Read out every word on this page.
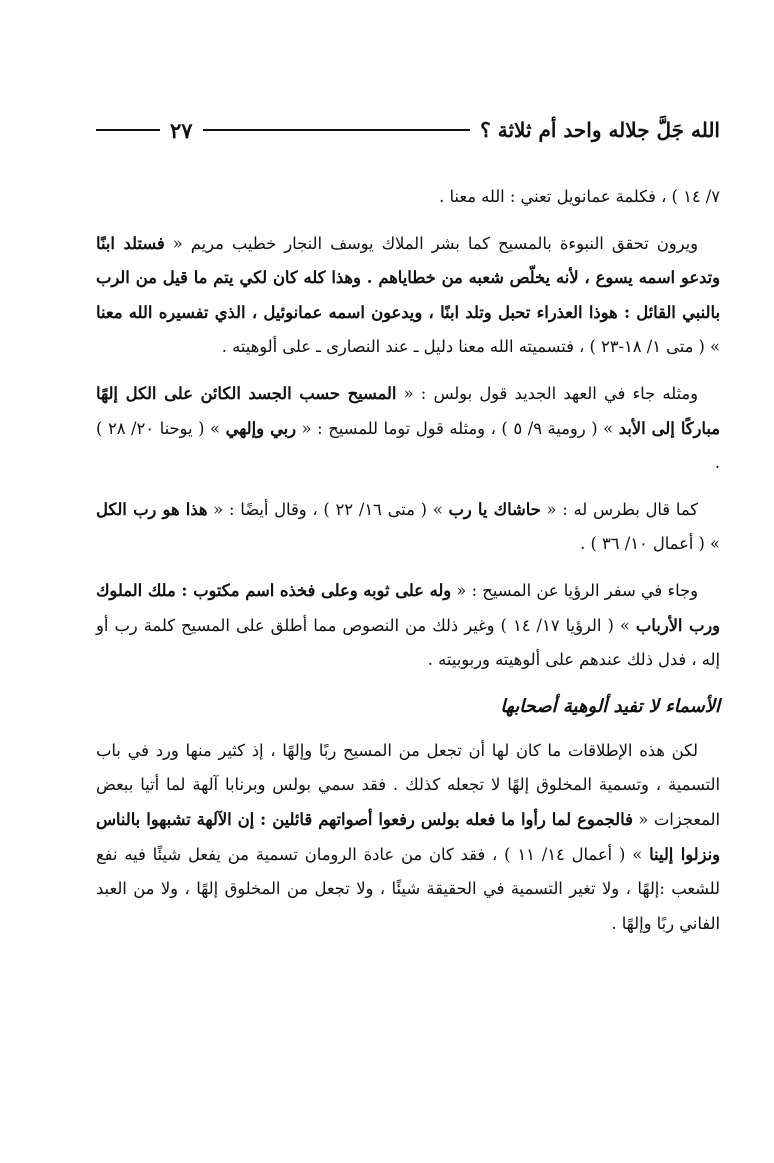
الله جَلَّ جلاله واحد أم ثلاثة ؟
٢٧

٧/ ١٤ ) ، فكلمة عمانويل تعني : الله معنا .

ويرون تحقق النبوءة بالمسيح كما بشر الملاك يوسف النجار خطيب مريم « فستلد ابنًا وتدعو اسمه يسوع ، لأنه يخلّص شعبه من خطاياهم . وهذا كله كان لكي يتم ما قيل من الرب بالنبي القائل : هوذا العذراء تحبل وتلد ابنًا ، ويدعون اسمه عمانوئيل ، الذي تفسيره الله معنا » ( متى ١/ ١٨-٢٣ ) ، فتسميته الله معنا دليل ـ عند النصارى ـ على ألوهيته .

ومثله جاء في العهد الجديد قول بولس : « المسيح حسب الجسد الكائن على الكل إلهًا مباركًا إلى الأبد » ( رومية ٩/ ٥ ) ، ومثله قول توما للمسيح : « ربي وإلهي » ( يوحنا ٢٠/ ٢٨ ) .

كما قال بطرس له : « حاشاك يا رب » ( متى ١٦/ ٢٢ ) ، وقال أيضًا : « هذا هو رب الكل » ( أعمال ١٠/ ٣٦ ) .

وجاء في سفر الرؤيا عن المسيح : « وله على ثوبه وعلى فخذه اسم مكتوب : ملك الملوك ورب الأرباب » ( الرؤيا ١٧/ ١٤ ) وغير ذلك من النصوص مما أطلق على المسيح كلمة رب أو إله ، فدل ذلك عندهم على ألوهيته وربوبيته .

الأسماء لا تفيد ألوهية أصحابها

لكن هذه الإطلاقات ما كان لها أن تجعل من المسيح ربًا وإلهًا ، إذ كثير منها ورد في باب التسمية ، وتسمية المخلوق إلهًا لا تجعله كذلك . فقد سمي بولس وبرنابا آلهة لما أتيا ببعض المعجزات « فالجموع لما رأوا ما فعله بولس رفعوا أصواتهم قائلين : إن الآلهة تشبهوا بالناس ونزلوا إلينا » ( أعمال ١٤/ ١١ ) ، فقد كان من عادة الرومان تسمية من يفعل شيئًا فيه نفع للشعب :إلهًا ، ولا تغير التسمية في الحقيقة شيئًا ، ولا تجعل من المخلوق إلهًا ، ولا من العبد الفاني ربًا وإلهًا .
